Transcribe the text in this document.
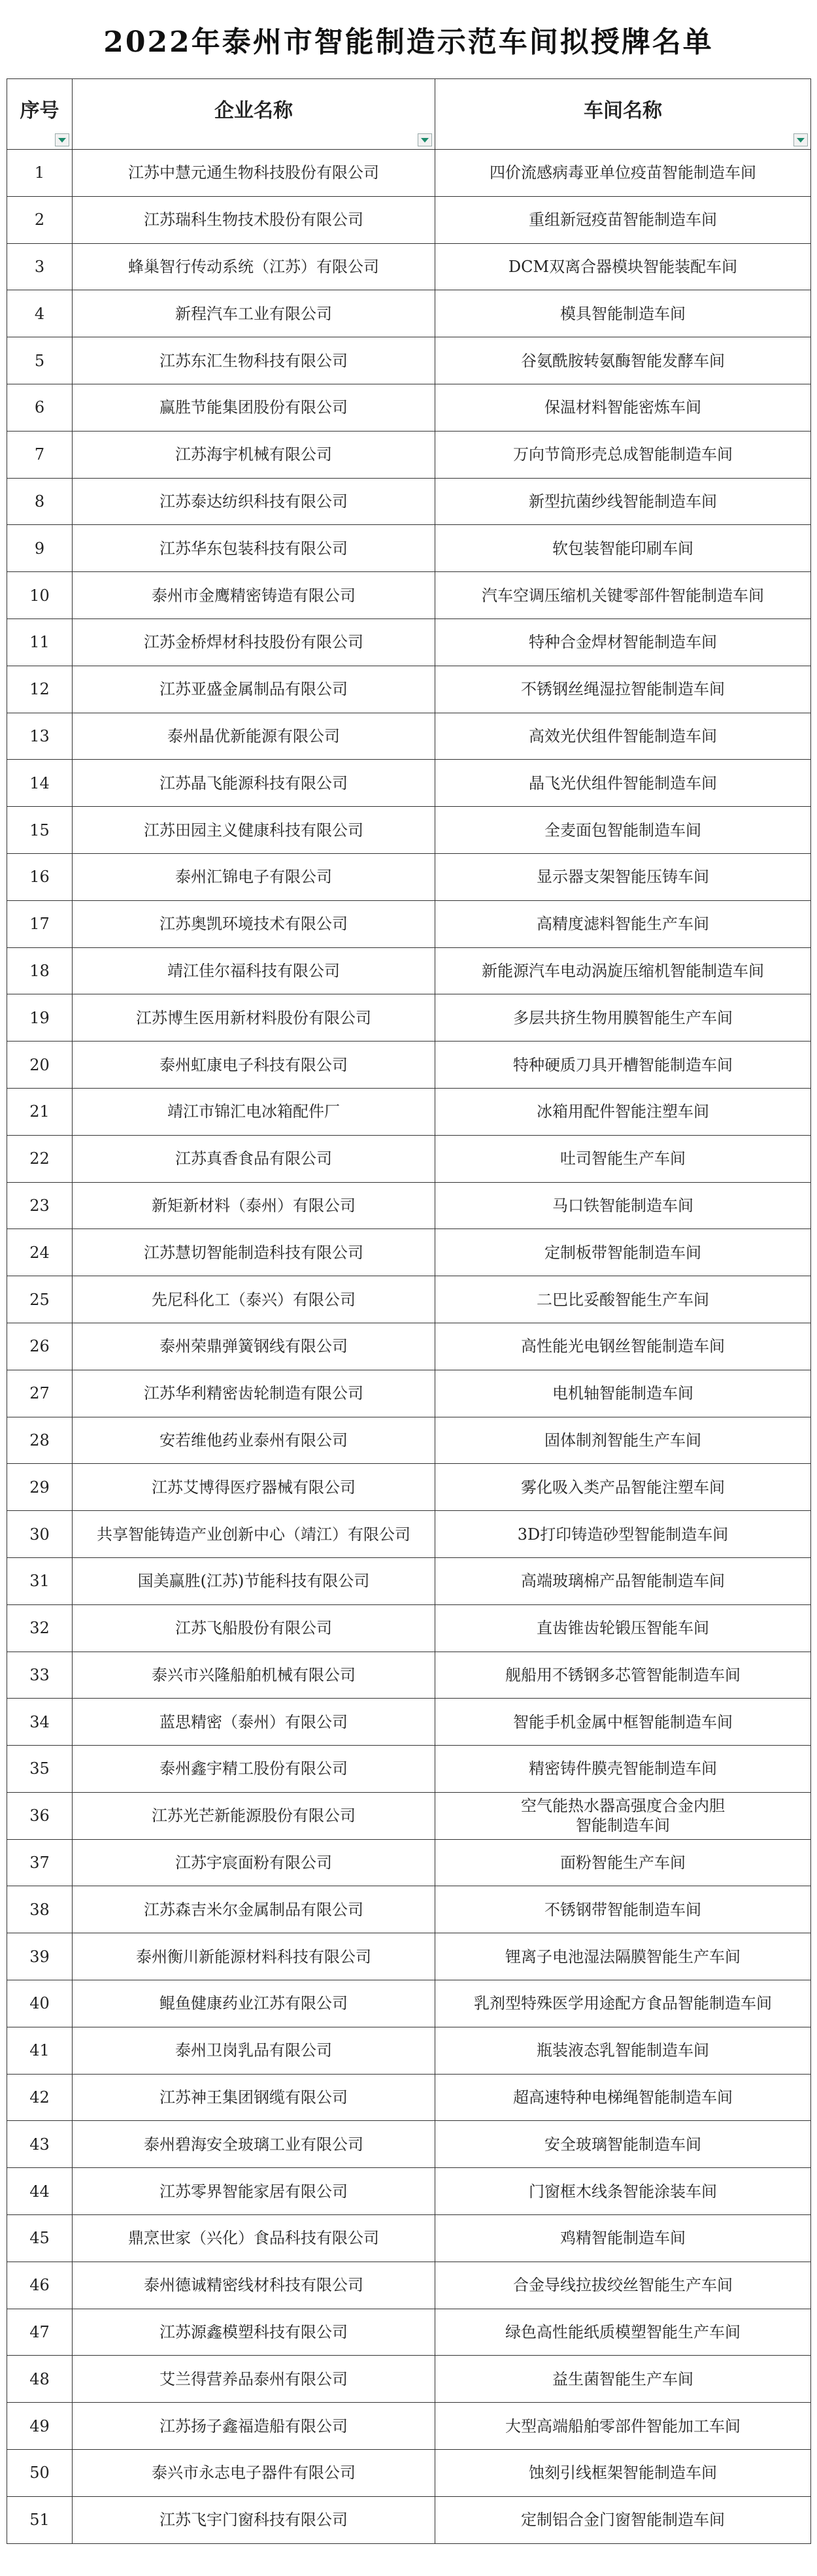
2022年泰州市智能制造示范车间拟授牌名单
序号	企业名称	车间名称

1	江苏中慧元通生物科技股份有限公司	四价流感病毒亚单位疫苗智能制造车间
2	江苏瑞科生物技术股份有限公司	重组新冠疫苗智能制造车间
3	蜂巢智行传动系统（江苏）有限公司	DCM双离合器模块智能装配车间
4	新程汽车工业有限公司	模具智能制造车间
5	江苏东汇生物科技有限公司	谷氨酰胺转氨酶智能发酵车间
6	赢胜节能集团股份有限公司	保温材料智能密炼车间
7	江苏海宇机械有限公司	万向节筒形壳总成智能制造车间
8	江苏泰达纺织科技有限公司	新型抗菌纱线智能制造车间
9	江苏华东包装科技有限公司	软包装智能印刷车间
10	泰州市金鹰精密铸造有限公司	汽车空调压缩机关键零部件智能制造车间
11	江苏金桥焊材科技股份有限公司	特种合金焊材智能制造车间
12	江苏亚盛金属制品有限公司	不锈钢丝绳湿拉智能制造车间
13	泰州晶优新能源有限公司	高效光伏组件智能制造车间
14	江苏晶飞能源科技有限公司	晶飞光伏组件智能制造车间
15	江苏田园主义健康科技有限公司	全麦面包智能制造车间
16	泰州汇锦电子有限公司	显示器支架智能压铸车间
17	江苏奥凯环境技术有限公司	高精度滤料智能生产车间
18	靖江佳尔福科技有限公司	新能源汽车电动涡旋压缩机智能制造车间
19	江苏博生医用新材料股份有限公司	多层共挤生物用膜智能生产车间
20	泰州虹康电子科技有限公司	特种硬质刀具开槽智能制造车间
21	靖江市锦汇电冰箱配件厂	冰箱用配件智能注塑车间
22	江苏真香食品有限公司	吐司智能生产车间
23	新矩新材料（泰州）有限公司	马口铁智能制造车间
24	江苏慧切智能制造科技有限公司	定制板带智能制造车间
25	先尼科化工（泰兴）有限公司	二巴比妥酸智能生产车间
26	泰州荣鼎弹簧钢线有限公司	高性能光电钢丝智能制造车间
27	江苏华利精密齿轮制造有限公司	电机轴智能制造车间
28	安若维他药业泰州有限公司	固体制剂智能生产车间
29	江苏艾博得医疗器械有限公司	雾化吸入类产品智能注塑车间
30	共享智能铸造产业创新中心（靖江）有限公司	3D打印铸造砂型智能制造车间
31	国美赢胜(江苏)节能科技有限公司	高端玻璃棉产品智能制造车间
32	江苏飞船股份有限公司	直齿锥齿轮锻压智能车间
33	泰兴市兴隆船舶机械有限公司	舰船用不锈钢多芯管智能制造车间
34	蓝思精密（泰州）有限公司	智能手机金属中框智能制造车间
35	泰州鑫宇精工股份有限公司	精密铸件膜壳智能制造车间
36	江苏光芒新能源股份有限公司	空气能热水器高强度合金内胆
智能制造车间
37	江苏宇宸面粉有限公司	面粉智能生产车间
38	江苏森吉米尔金属制品有限公司	不锈钢带智能制造车间
39	泰州衡川新能源材料科技有限公司	锂离子电池湿法隔膜智能生产车间
40	鲲鱼健康药业江苏有限公司	乳剂型特殊医学用途配方食品智能制造车间
41	泰州卫岗乳品有限公司	瓶装液态乳智能制造车间
42	江苏神王集团钢缆有限公司	超高速特种电梯绳智能制造车间
43	泰州碧海安全玻璃工业有限公司	安全玻璃智能制造车间
44	江苏零界智能家居有限公司	门窗框木线条智能涂装车间
45	鼎烹世家（兴化）食品科技有限公司	鸡精智能制造车间
46	泰州德诚精密线材科技有限公司	合金导线拉拔绞丝智能生产车间
47	江苏源鑫模塑科技有限公司	绿色高性能纸质模塑智能生产车间
48	艾兰得营养品泰州有限公司	益生菌智能生产车间
49	江苏扬子鑫福造船有限公司	大型高端船舶零部件智能加工车间
50	泰兴市永志电子器件有限公司	蚀刻引线框架智能制造车间
51	江苏飞宇门窗科技有限公司	定制铝合金门窗智能制造车间
